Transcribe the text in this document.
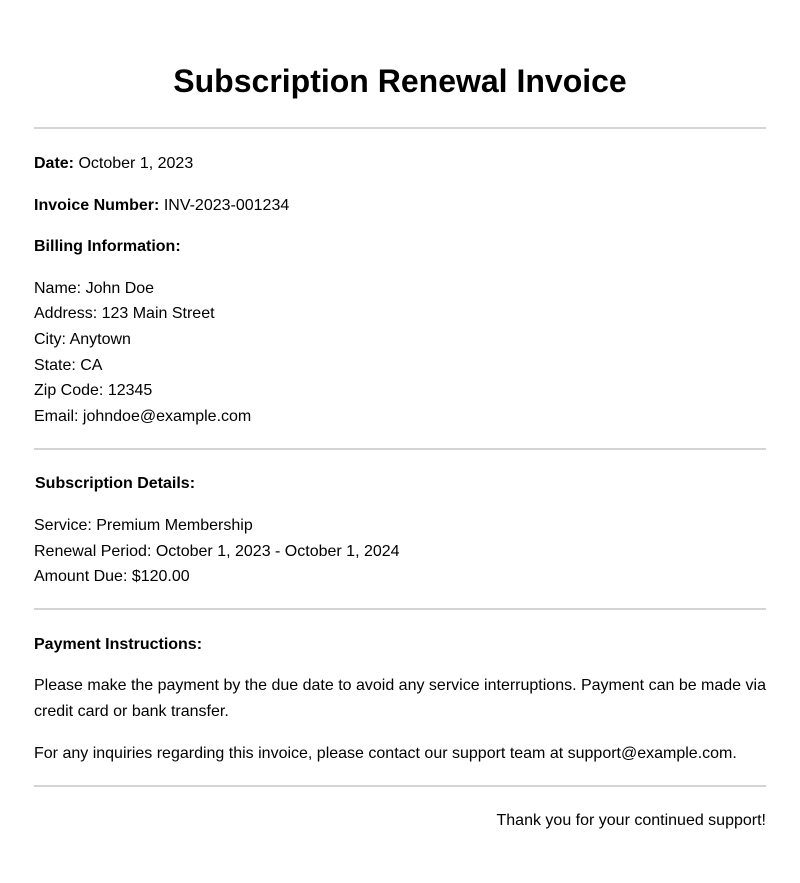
Subscription Renewal Invoice
Date: October 1, 2023
Invoice Number: INV-2023-001234
Billing Information:
Name: John Doe
Address: 123 Main Street
City: Anytown
State: CA
Zip Code: 12345
Email: johndoe@example.com
Subscription Details:
Service: Premium Membership
Renewal Period: October 1, 2023 - October 1, 2024
Amount Due: $120.00
Payment Instructions:
Please make the payment by the due date to avoid any service interruptions. Payment can be made via credit card or bank transfer.
For any inquiries regarding this invoice, please contact our support team at support@example.com.
Thank you for your continued support!
